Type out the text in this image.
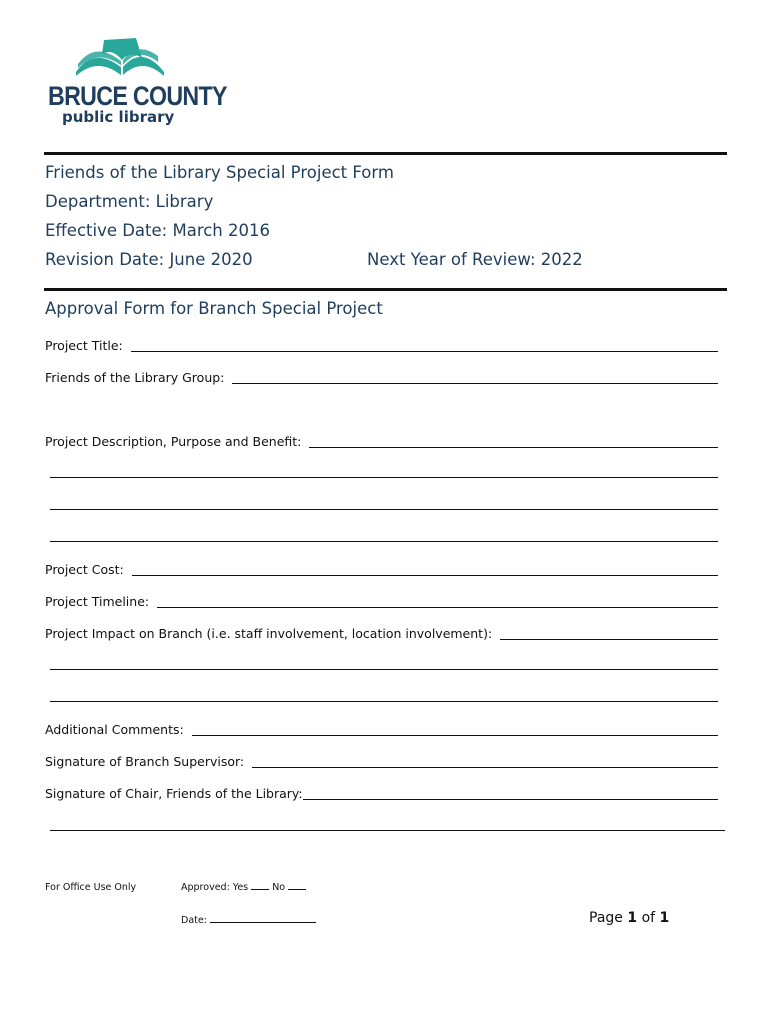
BRUCE COUNTY
public library
Friends of the Library Special Project Form
Department: Library
Effective Date: March 2016
Revision Date: June 2020	Next Year of Review: 2022
Approval Form for Branch Special Project
Project Title:
Friends of the Library Group:
Project Description, Purpose and Benefit:
Project Cost:
Project Timeline:
Project Impact on Branch (i.e. staff involvement, location involvement):
Additional Comments:
Signature of Branch Supervisor:
Signature of Chair, Friends of the Library:
For Office Use Only	Approved: Yes	No
Date:	Page 1 of 1
